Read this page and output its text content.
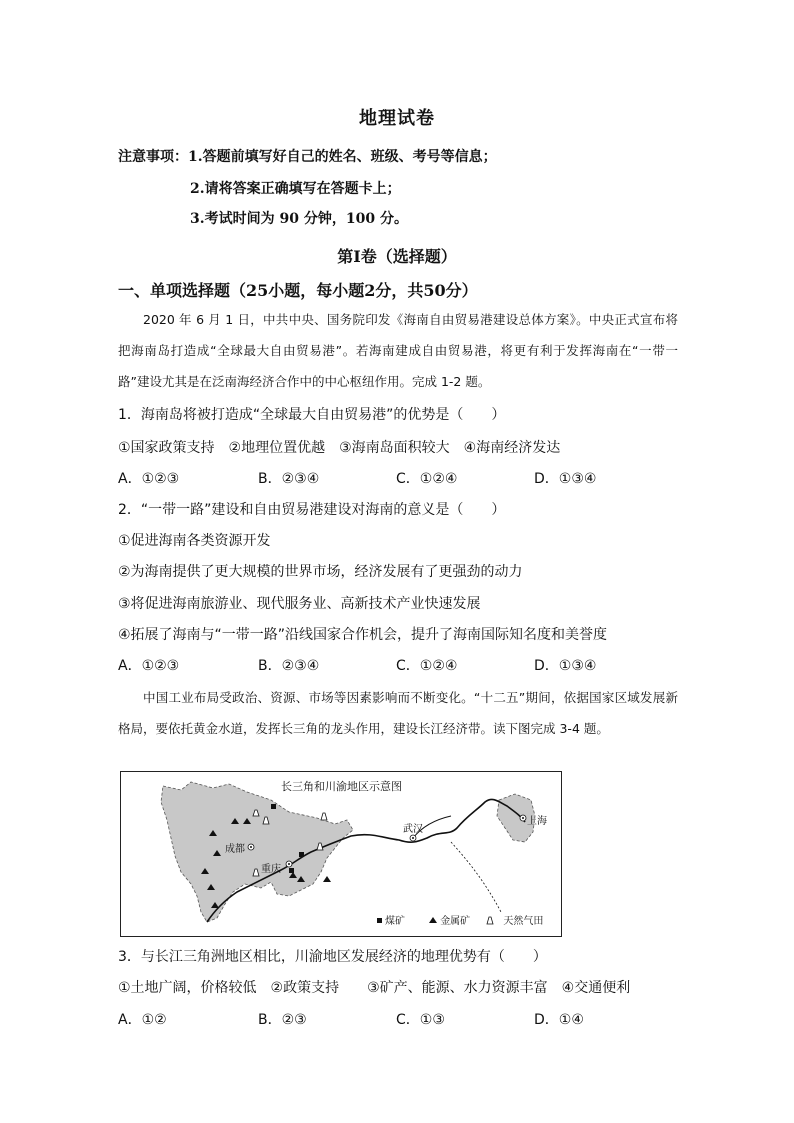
地理试卷
注意事项：1.答题前填写好自己的姓名、班级、考号等信息；
2.请将答案正确填写在答题卡上；
3.考试时间为 90 分钟，100 分。
第Ⅰ卷（选择题）
一、单项选择题（25小题，每小题2分，共50分）

2020 年 6 月 1 日，中共中央、国务院印发《海南自由贸易港建设总体方案》。中央正式宣布将把海南岛打造成“全球最大自由贸易港”。若海南建成自由贸易港，将更有利于发挥海南在“一带一路”建设尤其是在泛南海经济合作中的中心枢纽作用。完成 1-2 题。

1．海南岛将被打造成“全球最大自由贸易港”的优势是（　　）
①国家政策支持　②地理位置优越　③海南岛面积较大　④海南经济发达
A．①②③	B．②③④	C．①②④	D．①③④
2．“一带一路”建设和自由贸易港建设对海南的意义是（　　）
①促进海南各类资源开发
②为海南提供了更大规模的世界市场，经济发展有了更强劲的动力
③将促进海南旅游业、现代服务业、高新技术产业快速发展
④拓展了海南与“一带一路”沿线国家合作机会，提升了海南国际知名度和美誉度
A．①②③	B．②③④	C．①②④	D．①③④

中国工业布局受政治、资源、市场等因素影响而不断变化。“十二五”期间，依据国家区域发展新格局，要依托黄金水道，发挥长三角的龙头作用，建设长江经济带。读下图完成 3-4 题。

长三角和川渝地区示意图
成都
重庆
武汉
上海
煤矿	金属矿	天然气田
3．与长江三角洲地区相比，川渝地区发展经济的地理优势有（　　）
①土地广阔，价格较低　②政策支持　　③矿产、能源、水力资源丰富　④交通便利
A．①②	B．②③	C．①③	D．①④
